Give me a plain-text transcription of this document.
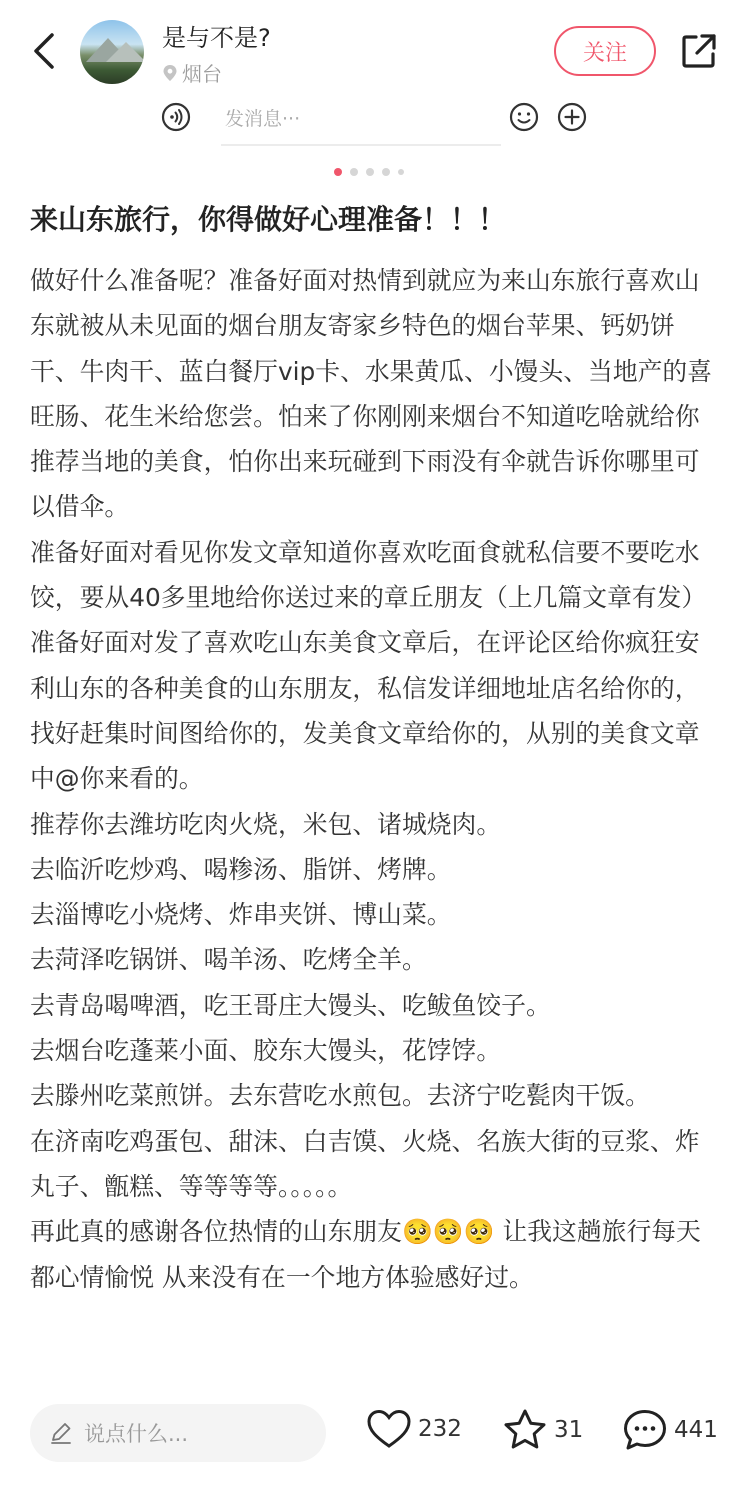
是与不是?
烟台
关注
发消息···
来山东旅行，你得做好心理准备！！！

做好什么准备呢？准备好面对热情到就应为来山东旅行喜欢山东就被从未见面的烟台朋友寄家乡特色的烟台苹果、钙奶饼干、牛肉干、蓝白餐厅vip卡、水果黄瓜、小馒头、当地产的喜旺肠、花生米给您尝。怕来了你刚刚来烟台不知道吃啥就给你推荐当地的美食，怕你出来玩碰到下雨没有伞就告诉你哪里可以借伞。

准备好面对看见你发文章知道你喜欢吃面食就私信要不要吃水饺，要从40多里地给你送过来的章丘朋友（上几篇文章有发）

准备好面对发了喜欢吃山东美食文章后，在评论区给你疯狂安利山东的各种美食的山东朋友，私信发详细地址店名给你的，找好赶集时间图给你的，发美食文章给你的，从别的美食文章中@你来看的。

推荐你去潍坊吃肉火烧，米包、诸城烧肉。

去临沂吃炒鸡、喝糁汤、脂饼、烤牌。

去淄博吃小烧烤、炸串夹饼、博山菜。

去菏泽吃锅饼、喝羊汤、吃烤全羊。

去青岛喝啤酒，吃王哥庄大馒头、吃鲅鱼饺子。

去烟台吃蓬莱小面、胶东大馒头，花饽饽。

去滕州吃菜煎饼。去东营吃水煎包。去济宁吃甏肉干饭。

在济南吃鸡蛋包、甜沫、白吉馍、火烧、名族大街的豆浆、炸丸子、甑糕、等等等等。。。。。

再此真的感谢各位热情的山东朋友🥺🥺🥺 让我这趟旅行每天都心情愉悦 从来没有在一个地方体验感好过。

说点什么...	232	31	441
